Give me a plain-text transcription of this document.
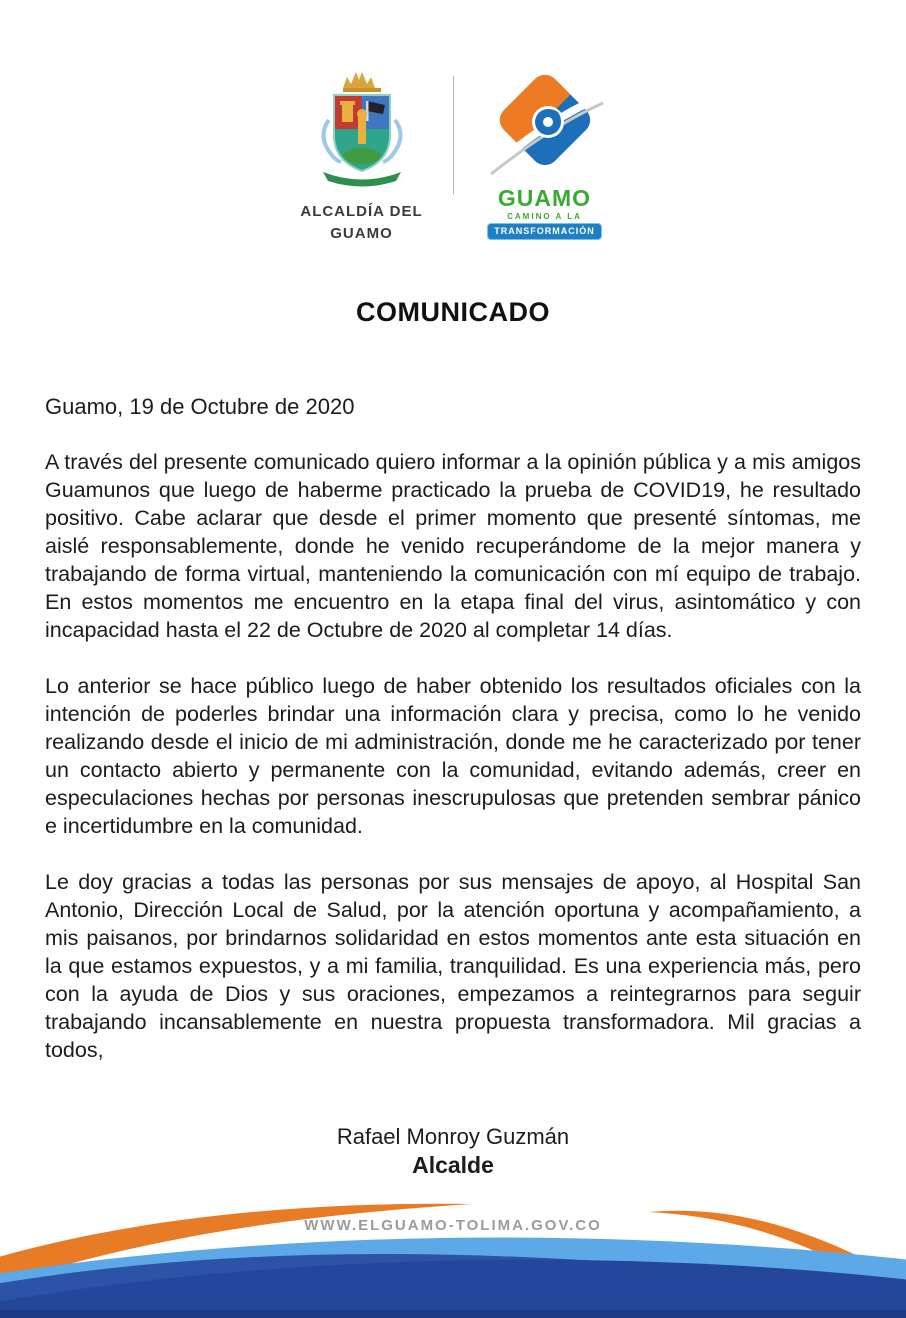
ALCALDÍA DEL
GUAMO
GUAMO
CAMINO A LA
TRANSFORMACIÓN
COMUNICADO
Guamo, 19 de Octubre de 2020

A través del presente comunicado quiero informar a la opinión pública y a mis amigos Guamunos que luego de haberme practicado la prueba de COVID19, he resultado positivo. Cabe aclarar que desde el primer momento que presenté síntomas, me aislé responsablemente, donde he venido recuperándome de la mejor manera y trabajando de forma virtual, manteniendo la comunicación con mí equipo de trabajo. En estos momentos me encuentro en la etapa final del virus, asintomático y con incapacidad hasta el 22 de Octubre de 2020 al completar 14 días.

Lo anterior se hace público luego de haber obtenido los resultados oficiales con la intención de poderles brindar una información clara y precisa, como lo he venido realizando desde el inicio de mi administración, donde me he caracterizado por tener un contacto abierto y permanente con la comunidad, evitando además, creer en especulaciones hechas por personas inescrupulosas que pretenden sembrar pánico e incertidumbre en la comunidad.

Le doy gracias a todas las personas por sus mensajes de apoyo, al Hospital San Antonio, Dirección Local de Salud, por la atención oportuna y acompañamiento, a mis paisanos, por brindarnos solidaridad en estos momentos ante esta situación en la que estamos expuestos, y a mi familia, tranquilidad. Es una experiencia más, pero con la ayuda de Dios y sus oraciones, empezamos a reintegrarnos para seguir trabajando incansablemente en nuestra propuesta transformadora. Mil gracias a todos,

Rafael Monroy Guzmán
Alcalde
WWW.ELGUAMO-TOLIMA.GOV.CO
